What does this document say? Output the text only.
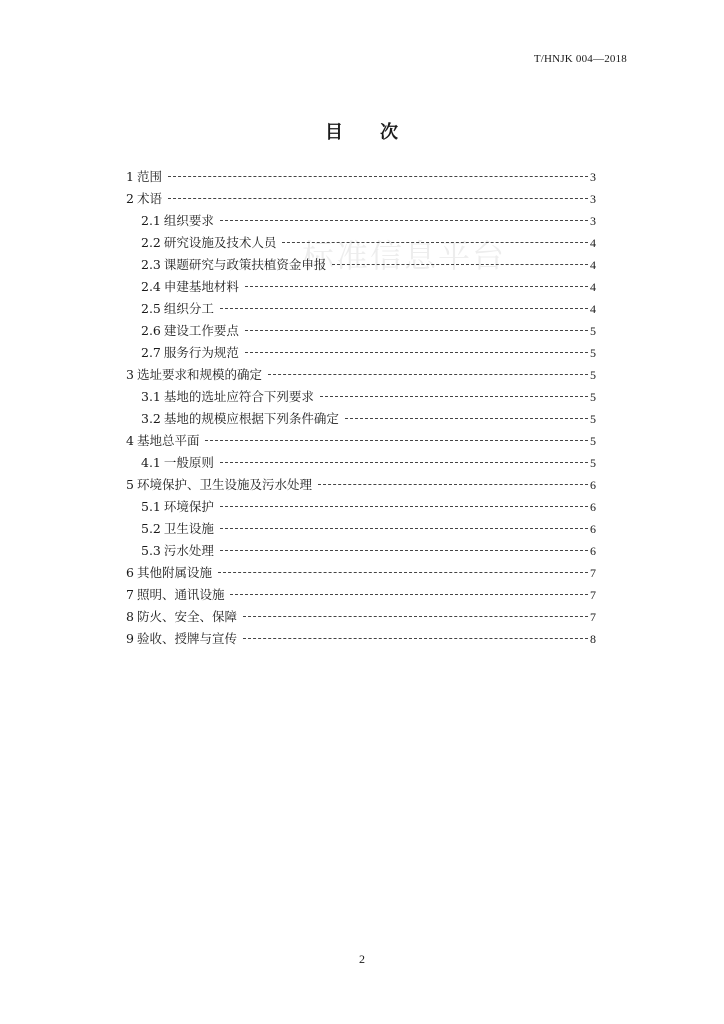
T/HNJK 004—2018
目 次
标准信息平台
1 范围	3
2 术语	3
2.1 组织要求	3
2.2 研究设施及技术人员	4
2.3 课题研究与政策扶植资金申报	4
2.4 申建基地材料	4
2.5 组织分工	4
2.6 建设工作要点	5
2.7 服务行为规范	5
3 选址要求和规模的确定	5
3.1 基地的选址应符合下列要求	5
3.2 基地的规模应根据下列条件确定	5
4 基地总平面	5
4.1 一般原则	5
5 环境保护、卫生设施及污水处理	6
5.1 环境保护	6
5.2 卫生设施	6
5.3 污水处理	6
6 其他附属设施	7
7 照明、通讯设施	7
8 防火、安全、保障	7
9 验收、授牌与宣传	8
2
